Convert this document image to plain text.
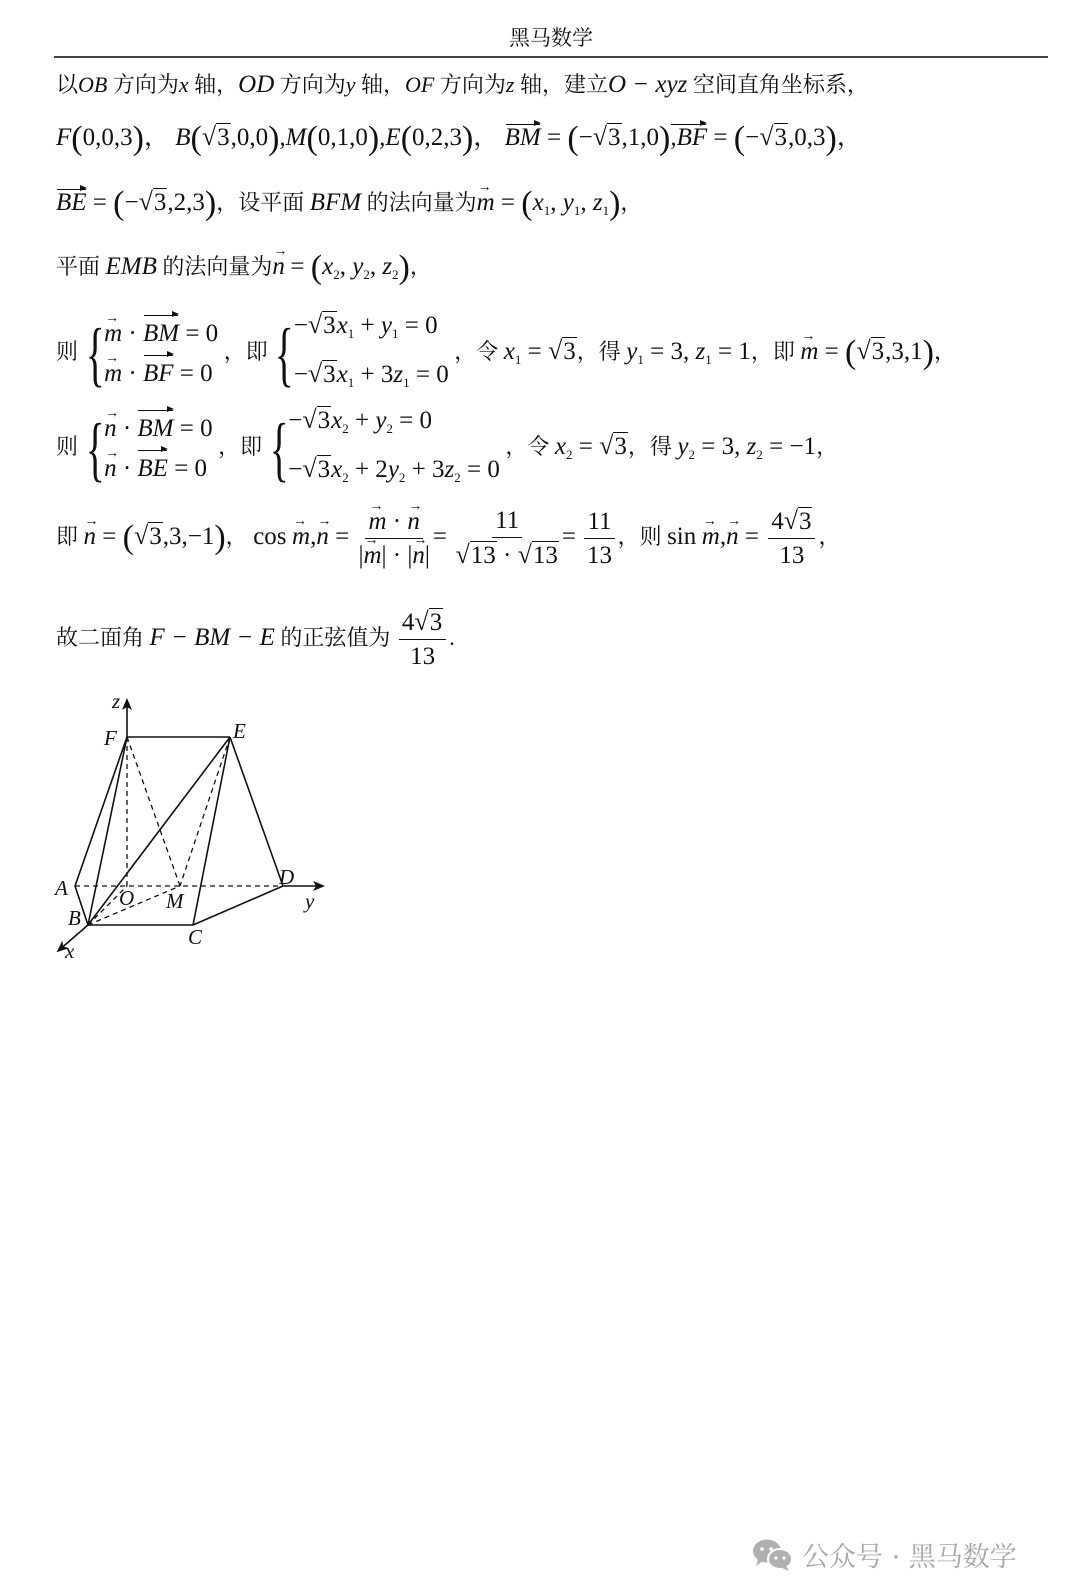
黑马数学
以OB 方向为x 轴，OD 方向为y 轴，OF 方向为z 轴，建立O − xyz 空间直角坐标系，
F(0,0,3)， B(√3,0,0),M(0,1,0),E(0,2,3)， BM = (−√3,1,0),BF = (−√3,0,3)，
BE = (−√3,2,3)，设平面 BFM 的法向量为m → = ($x_1$, $y_1$, $z_1$)，
平面 EMB 的法向量为n → = ($x_2$, $y_2$, $z_2$)，
则 { m → · BM = 0
m → · BF = 0
，即 { $-√3x_1 + y_1 = 0$
$-√3x_1 + 3z_1 = 0$
，令 $x_1 = √3$，得 $y_1 = 3$, $z_1 = 1$，即 m → = (√3,3,1)，
则 { n → · BM = 0
n → · BE = 0
，即 { $-√3x_2 + y_2 = 0$
$-√3x_2 + 2y_2 + 3z_2 = 0$
，令 $x_2 = √3$，得 $y_2 = 3$, $z_2 = -1$，
即 n → = (√3,3,−1)， cos m →,n → = $\frac{m \to \cdot n \to}{|m \to| \cdot |n \to|} = \frac{11}{√13 \cdot √13} = \frac{11}{13}$ ，则 sin m →,n → = $\frac{4√3}{13}$ ，
故二面角 F − BM − E 的正弦值为 $\frac{4√3}{13}$ .
z
F	E
A O M
D
y
B
C
x
公众号 · 黑马数学
